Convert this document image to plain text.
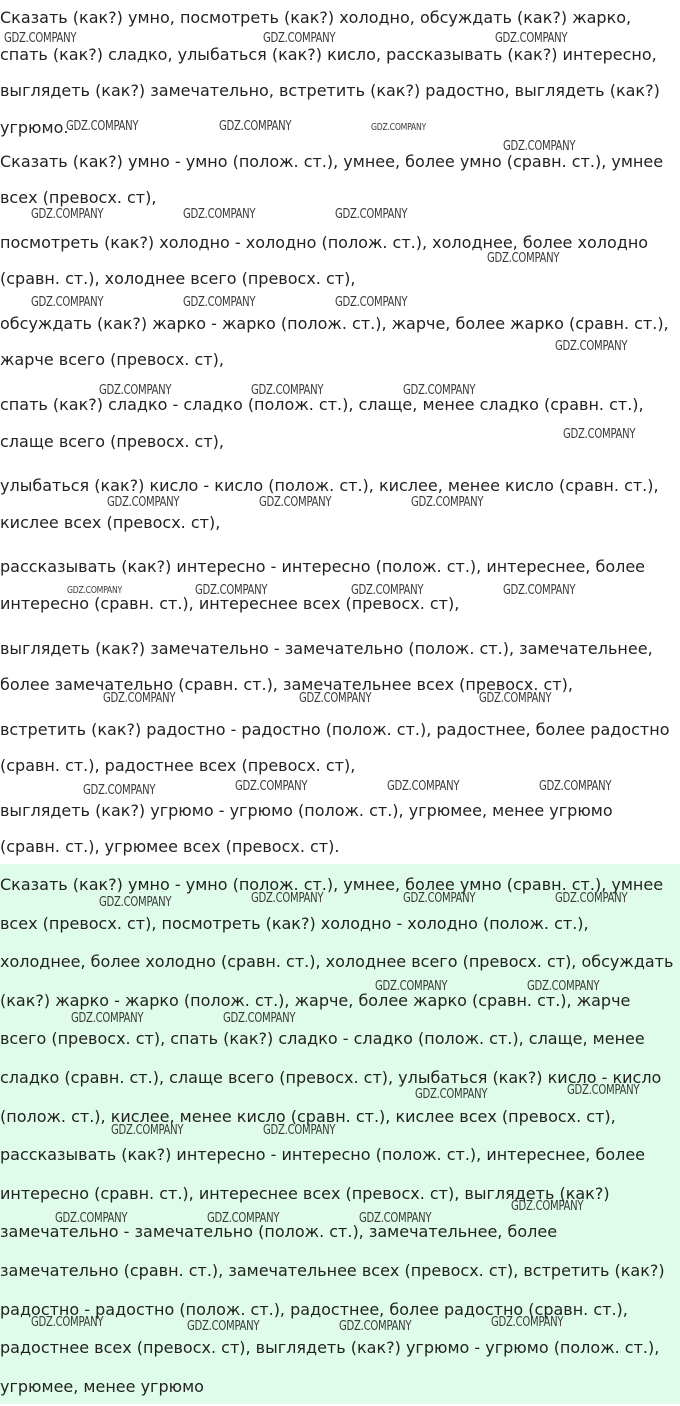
Сказать (как?) умно, посмотреть (как?) холодно, обсуждать (как?) жарко, спать (как?) сладко, улыбаться (как?) кисло, рассказывать (как?) интересно, выглядеть (как?) замечательно, встретить (как?) радостно, выглядеть (как?) угрюмо.

Сказать (как?) умно - умно (полож. ст.), умнее, более умно (сравн. ст.), умнее всех (превосх. ст),
посмотреть (как?) холодно - холодно (полож. ст.), холоднее, более холодно (сравн. ст.), холоднее всего (превосх. ст),
обсуждать (как?) жарко - жарко (полож. ст.), жарче, более жарко (сравн. ст.), жарче всего (превосх. ст),
спать (как?) сладко - сладко (полож. ст.), слаще, менее сладко (сравн. ст.), слаще всего (превосх. ст),
улыбаться (как?) кисло - кисло (полож. ст.), кислее, менее кисло (сравн. ст.), кислее всех (превосх. ст),
рассказывать (как?) интересно - интересно (полож. ст.), интереснее, более интересно (сравн. ст.), интереснее всех (превосх. ст),
выглядеть (как?) замечательно - замечательно (полож. ст.), замечательнее, более замечательно (сравн. ст.), замечательнее всех (превосх. ст),
встретить (как?) радостно - радостно (полож. ст.), радостнее, более радостно (сравн. ст.), радостнее всех (превосх. ст),
выглядеть (как?) угрюмо - угрюмо (полож. ст.), угрюмее, менее угрюмо (сравн. ст.), угрюмее всех (превосх. ст).

Сказать (как?) умно - умно (полож. ст.), умнее, более умно (сравн. ст.), умнее всех (превосх. ст), посмотреть (как?) холодно - холодно (полож. ст.), холоднее, более холодно (сравн. ст.), холоднее всего (превосх. ст), обсуждать (как?) жарко - жарко (полож. ст.), жарче, более жарко (сравн. ст.), жарче всего (превосх. ст), спать (как?) сладко - сладко (полож. ст.), слаще, менее сладко (сравн. ст.), слаще всего (превосх. ст), улыбаться (как?) кисло - кисло (полож. ст.), кислее, менее кисло (сравн. ст.), кислее всех (превосх. ст), рассказывать (как?) интересно - интересно (полож. ст.), интереснее, более интересно (сравн. ст.), интереснее всех (превосх. ст), выглядеть (как?) замечательно - замечательно (полож. ст.), замечательнее, более замечательно (сравн. ст.), замечательнее всех (превосх. ст), встретить (как?) радостно - радостно (полож. ст.), радостнее, более радостно (сравн. ст.), радостнее всех (превосх. ст), выглядеть (как?) угрюмо - угрюмо (полож. ст.), угрюмее, менее угрюмо

GDZ.COMPANY	GDZ.COMPANY	GDZ.COMPANY
GDZ.COMPANY	GDZ.COMPANY	GDZ.COMPANY
GDZ.COMPANY
GDZ.COMPANY	GDZ.COMPANY	GDZ.COMPANY
GDZ.COMPANY
GDZ.COMPANY	GDZ.COMPANY	GDZ.COMPANY
GDZ.COMPANY
GDZ.COMPANY	GDZ.COMPANY	GDZ.COMPANY
GDZ.COMPANY
GDZ.COMPANY	GDZ.COMPANY	GDZ.COMPANY
GDZ.COMPANY	GDZ.COMPANY	GDZ.COMPANY	GDZ.COMPANY
GDZ.COMPANY	GDZ.COMPANY	GDZ.COMPANY
GDZ.COMPANY	GDZ.COMPANY	GDZ.COMPANY	GDZ.COMPANY
GDZ.COMPANY	GDZ.COMPANY	GDZ.COMPANY	GDZ.COMPANY
GDZ.COMPANY	GDZ.COMPANY
GDZ.COMPANY	GDZ.COMPANY
GDZ.COMPANY	GDZ.COMPANY
GDZ.COMPANY	GDZ.COMPANY
GDZ.COMPANY
GDZ.COMPANY	GDZ.COMPANY	GDZ.COMPANY
GDZ.COMPANY	GDZ.COMPANY	GDZ.COMPANY	GDZ.COMPANY
